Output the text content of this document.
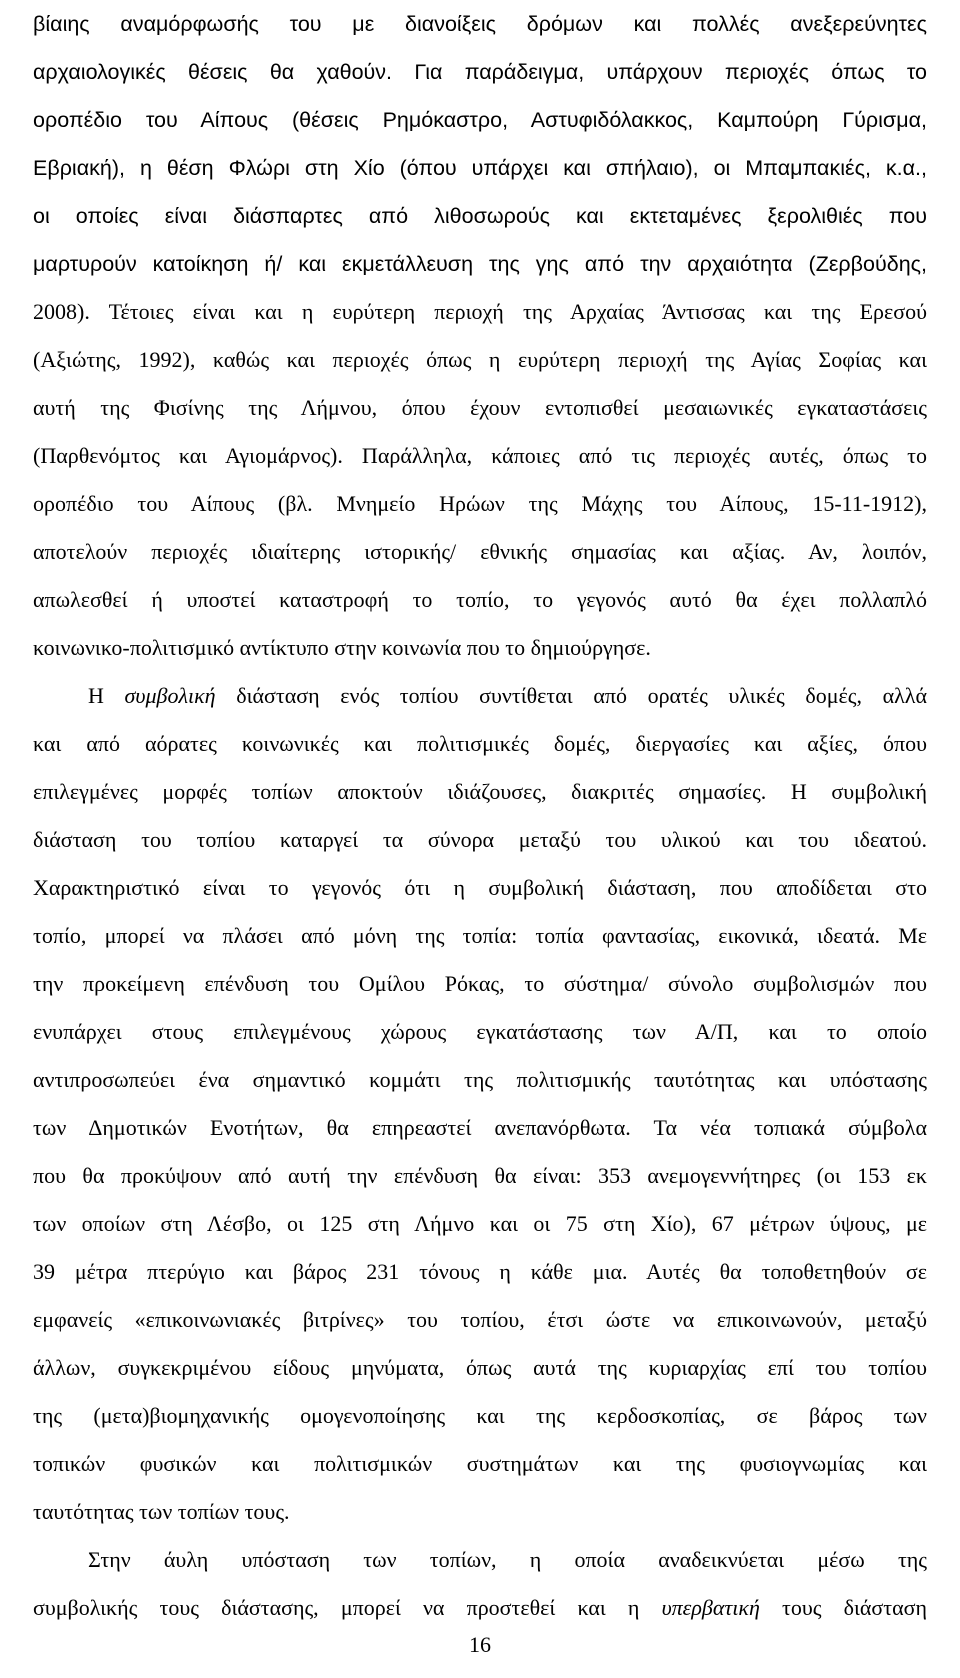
βίαιης αναμόρφωσής του με διανοίξεις δρόμων και πολλές ανεξερεύνητες
αρχαιολογικές θέσεις θα χαθούν. Για παράδειγμα, υπάρχουν περιοχές όπως το
οροπέδιο του Αίπους (θέσεις Ρημόκαστρο, Αστυφιδόλακκος, Καμπούρη Γύρισμα,
Εβριακή), η θέση Φλώρι στη Χίο (όπου υπάρχει και σπήλαιο), οι Μπαμπακιές, κ.α.,
οι οποίες είναι διάσπαρτες από λιθοσωρούς και εκτεταμένες ξερολιθιές που
μαρτυρούν κατοίκηση ή/ και εκμετάλλευση της γης από την αρχαιότητα (Ζερβούδης,
2008). Τέτοιες είναι και η ευρύτερη περιοχή της Αρχαίας Άντισσας και της Ερεσού
(Αξιώτης, 1992), καθώς και περιοχές όπως η ευρύτερη περιοχή της Αγίας Σοφίας και
αυτή της Φισίνης της Λήμνου, όπου έχουν εντοπισθεί μεσαιωνικές εγκαταστάσεις
(Παρθενόμτος και Αγιομάρνος). Παράλληλα, κάποιες από τις περιοχές αυτές, όπως το
οροπέδιο του Αίπους (βλ. Μνημείο Ηρώων της Μάχης του Αίπους, 15-11-1912),
αποτελούν περιοχές ιδιαίτερης ιστορικής/ εθνικής σημασίας και αξίας. Αν, λοιπόν,
απωλεσθεί ή υποστεί καταστροφή το τοπίο, το γεγονός αυτό θα έχει πολλαπλό
κοινωνικο-πολιτισμικό αντίκτυπο στην κοινωνία που το δημιούργησε.
Η συμβολική διάσταση ενός τοπίου συντίθεται από ορατές υλικές δομές, αλλά
και από αόρατες κοινωνικές και πολιτισμικές δομές, διεργασίες και αξίες, όπου
επιλεγμένες μορφές τοπίων αποκτούν ιδιάζουσες, διακριτές σημασίες. Η συμβολική
διάσταση του τοπίου καταργεί τα σύνορα μεταξύ του υλικού και του ιδεατού.
Χαρακτηριστικό είναι το γεγονός ότι η συμβολική διάσταση, που αποδίδεται στο
τοπίο, μπορεί να πλάσει από μόνη της τοπία: τοπία φαντασίας, εικονικά, ιδεατά. Με
την προκείμενη επένδυση του Ομίλου Ρόκας, το σύστημα/ σύνολο συμβολισμών που
ενυπάρχει στους επιλεγμένους χώρους εγκατάστασης των Α/Π, και το οποίο
αντιπροσωπεύει ένα σημαντικό κομμάτι της πολιτισμικής ταυτότητας και υπόστασης
των Δημοτικών Ενοτήτων, θα επηρεαστεί ανεπανόρθωτα. Τα νέα τοπιακά σύμβολα
που θα προκύψουν από αυτή την επένδυση θα είναι: 353 ανεμογεννήτηρες (οι 153 εκ
των οποίων στη Λέσβο, οι 125 στη Λήμνο και οι 75 στη Χίο), 67 μέτρων ύψους, με
39 μέτρα πτερύγιο και βάρος 231 τόνους η κάθε μια. Αυτές θα τοποθετηθούν σε
εμφανείς «επικοινωνιακές βιτρίνες» του τοπίου, έτσι ώστε να επικοινωνούν, μεταξύ
άλλων, συγκεκριμένου είδους μηνύματα, όπως αυτά της κυριαρχίας επί του τοπίου
της (μετα)βιομηχανικής ομογενοποίησης και της κερδοσκοπίας, σε βάρος των
τοπικών φυσικών και πολιτισμικών συστημάτων και της φυσιογνωμίας και
ταυτότητας των τοπίων τους.
Στην άυλη υπόσταση των τοπίων, η οποία αναδεικνύεται μέσω της
συμβολικής τους διάστασης, μπορεί να προστεθεί και η υπερβατική τους διάσταση
16
